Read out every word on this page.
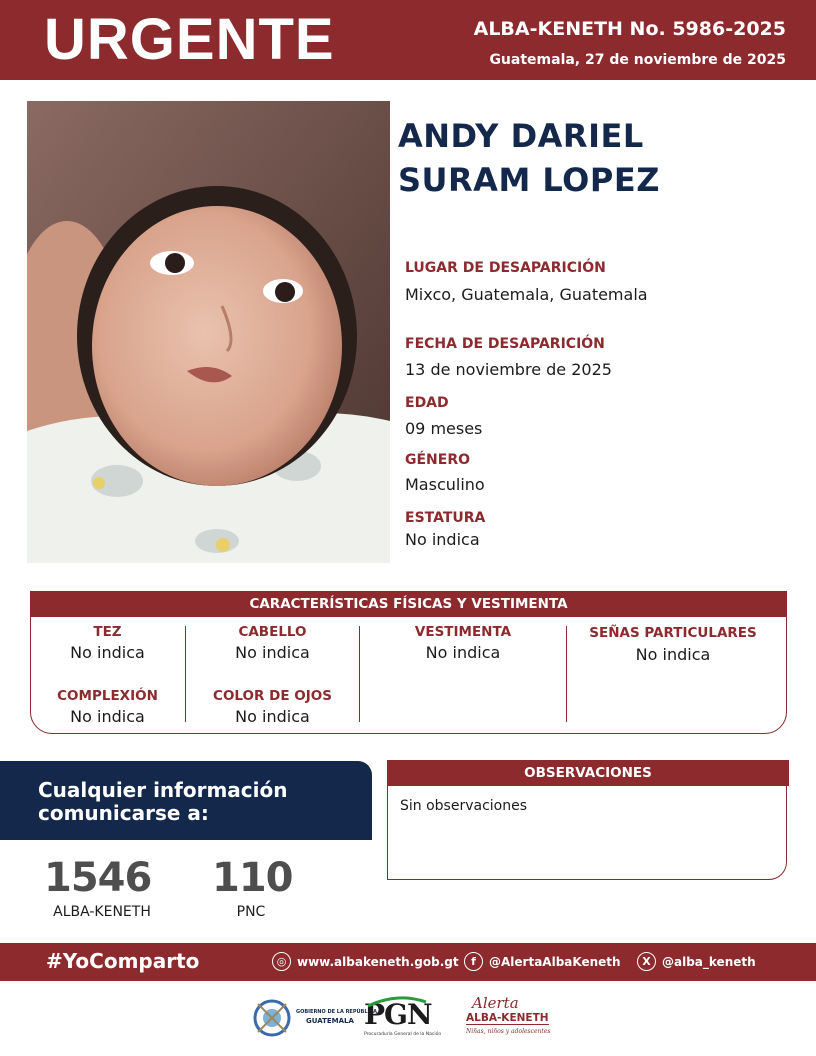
URGENTE	ALBA-KENETH No. 5986-2025
Guatemala, 27 de noviembre de 2025
ANDY DARIEL
SURAM LOPEZ
LUGAR DE DESAPARICIÓN
Mixco, Guatemala, Guatemala
FECHA DE DESAPARICIÓN
13 de noviembre de 2025
EDAD
09 meses
GÉNERO
Masculino
ESTATURA
No indica
CARACTERÍSTICAS FÍSICAS Y VESTIMENTA
TEZ
No indica
CABELLO
No indica
VESTIMENTA
No indica
SEÑAS PARTICULARES
No indica
COMPLEXIÓN
No indica
COLOR DE OJOS
No indica
Cualquier información
comunicarse a:
1546
ALBA-KENETH
110
PNC
OBSERVACIONES
Sin observaciones
#YoComparto	◎ www.albakeneth.gob.gt	f	@AlertaAlbaKeneth	X @alba_keneth
GOBIERNO DE LA REPÚBLICA
GUATEMALA PGN
Procuraduría General de la Nación
Alerta
ALBA-KENETH
Niñas, niños y adolescentes
